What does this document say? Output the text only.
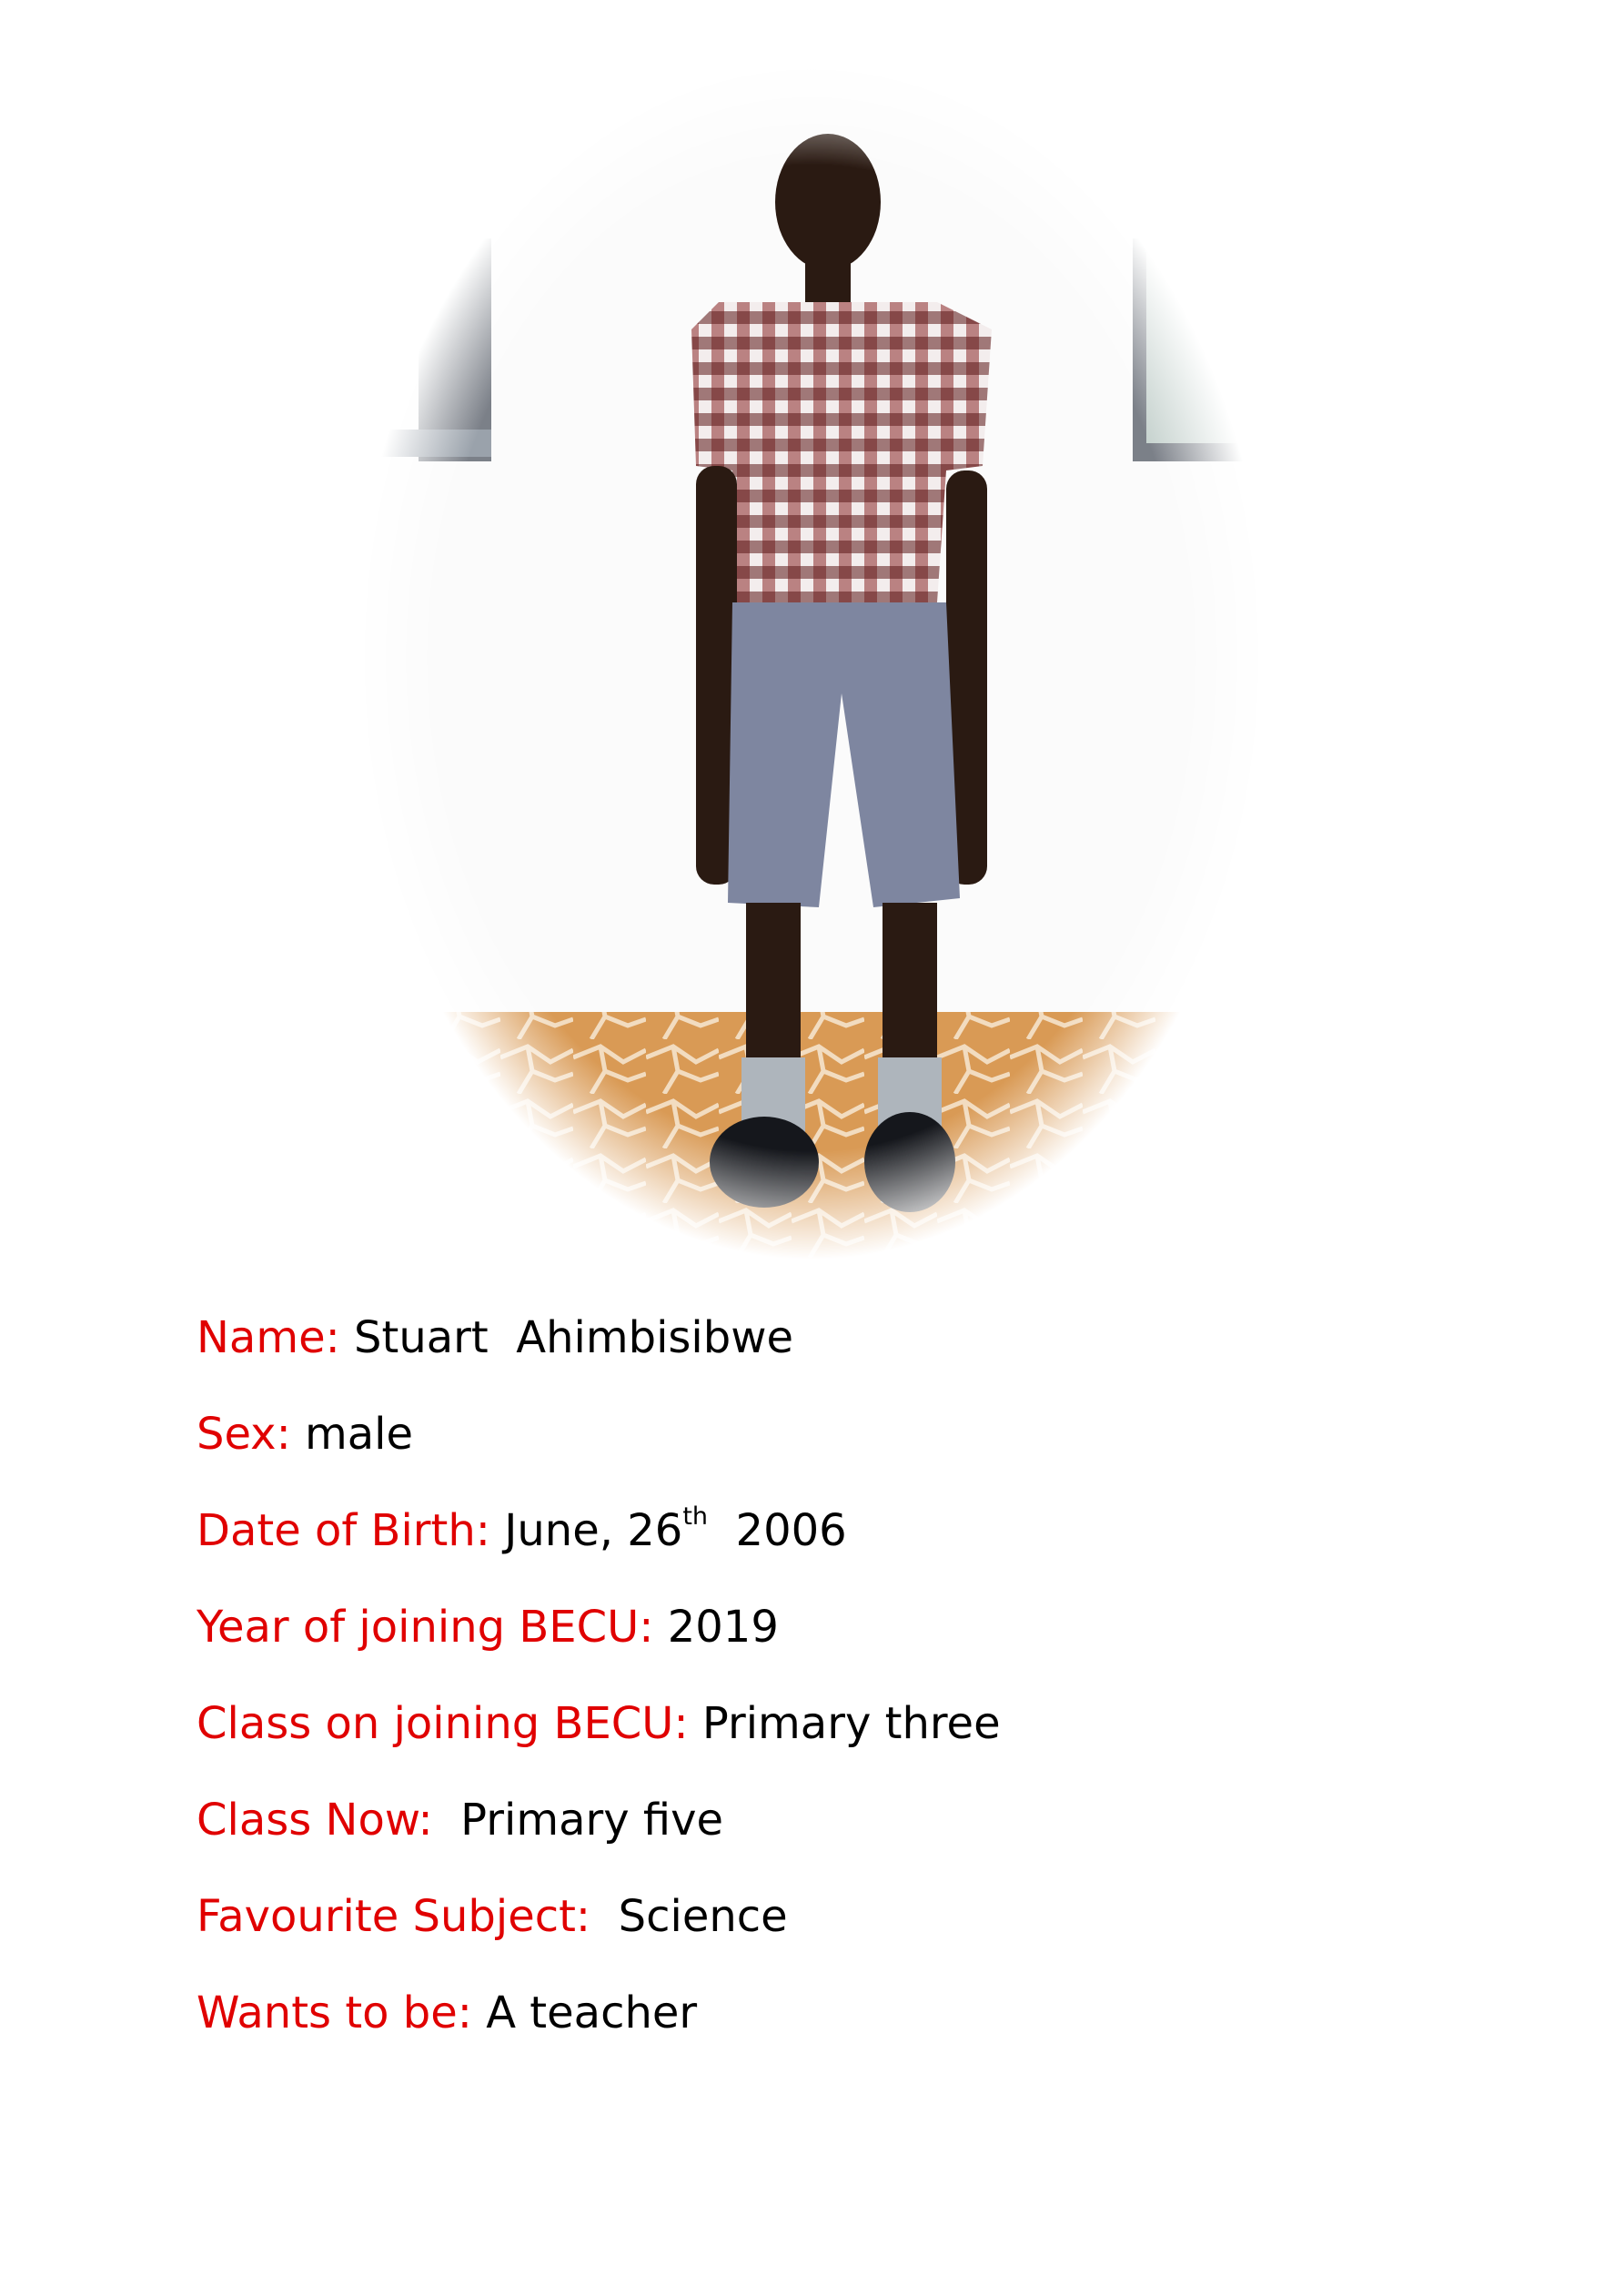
Name: Stuart  Ahimbisibwe
Sex: male
Date of Birth: June, 26th  2006
Year of joining BECU: 2019
Class on joining BECU: Primary three
Class Now:  Primary five
Favourite Subject:  Science
Wants to be: A teacher
